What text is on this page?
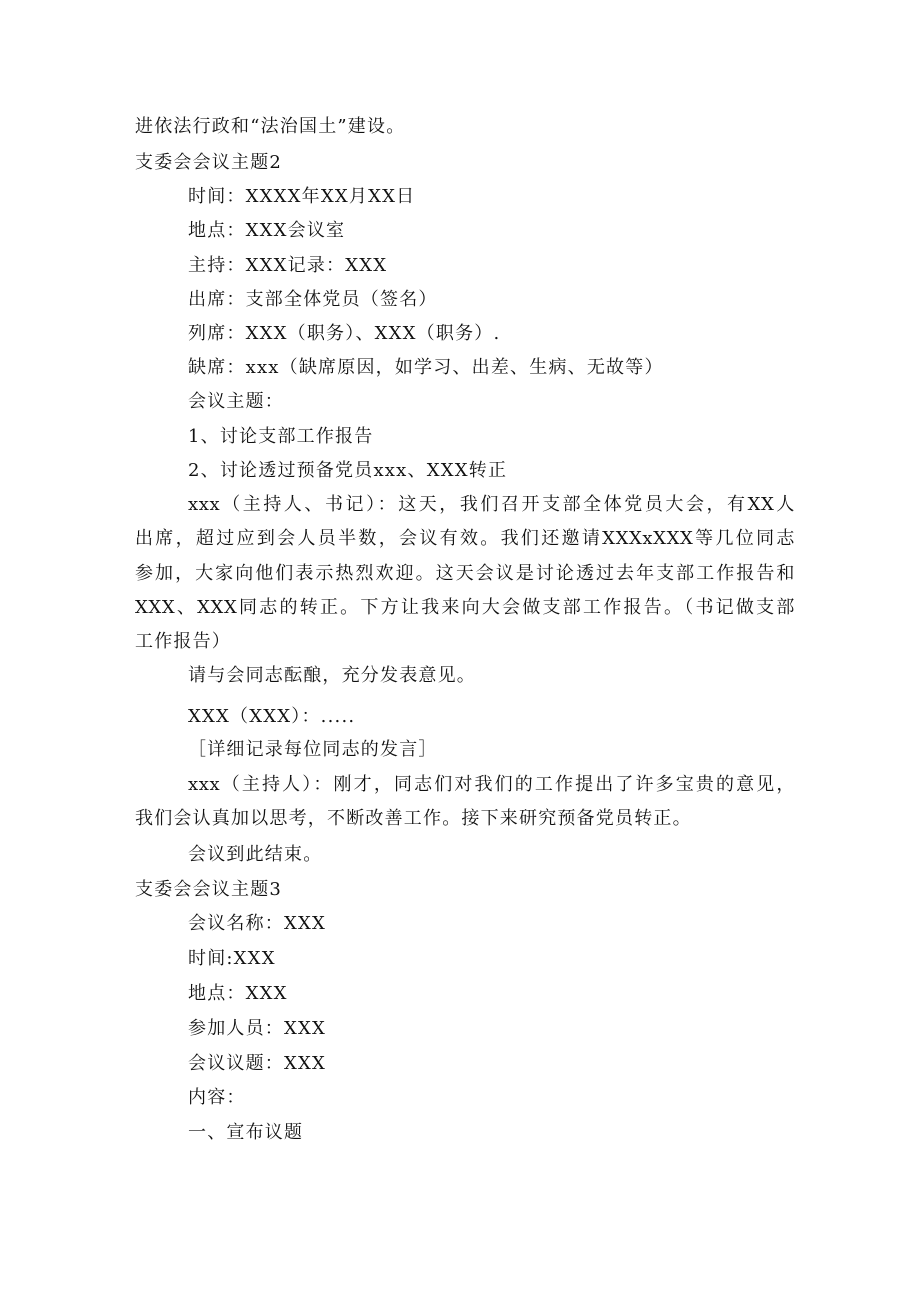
进依法行政和“法治国土”建设。
支委会会议主题2
时间：XXXX年XX月XX日
地点：XXX会议室
主持：XXX记录：XXX
出席：支部全体党员（签名）
列席：XXX（职务）、XXX（职务）.
缺席：xxx（缺席原因，如学习、出差、生病、无故等）
会议主题：
1、讨论支部工作报告
2、讨论透过预备党员xxx、XXX转正
xxx（主持人、书记）：这天，我们召开支部全体党员大会，有XX人
出席，超过应到会人员半数，会议有效。我们还邀请XXXxXXX等几位同志
参加，大家向他们表示热烈欢迎。这天会议是讨论透过去年支部工作报告和
XXX、XXX同志的转正。下方让我来向大会做支部工作报告。（书记做支部
工作报告）
请与会同志酝酿，充分发表意见。
XXX（XXX）：.....
［详细记录每位同志的发言］
xxx（主持人）：刚才，同志们对我们的工作提出了许多宝贵的意见，
我们会认真加以思考，不断改善工作。接下来研究预备党员转正。
会议到此结束。
支委会会议主题3
会议名称：XXX
时间:XXX
地点：XXX
参加人员：XXX
会议议题：XXX
内容：
一、宣布议题
